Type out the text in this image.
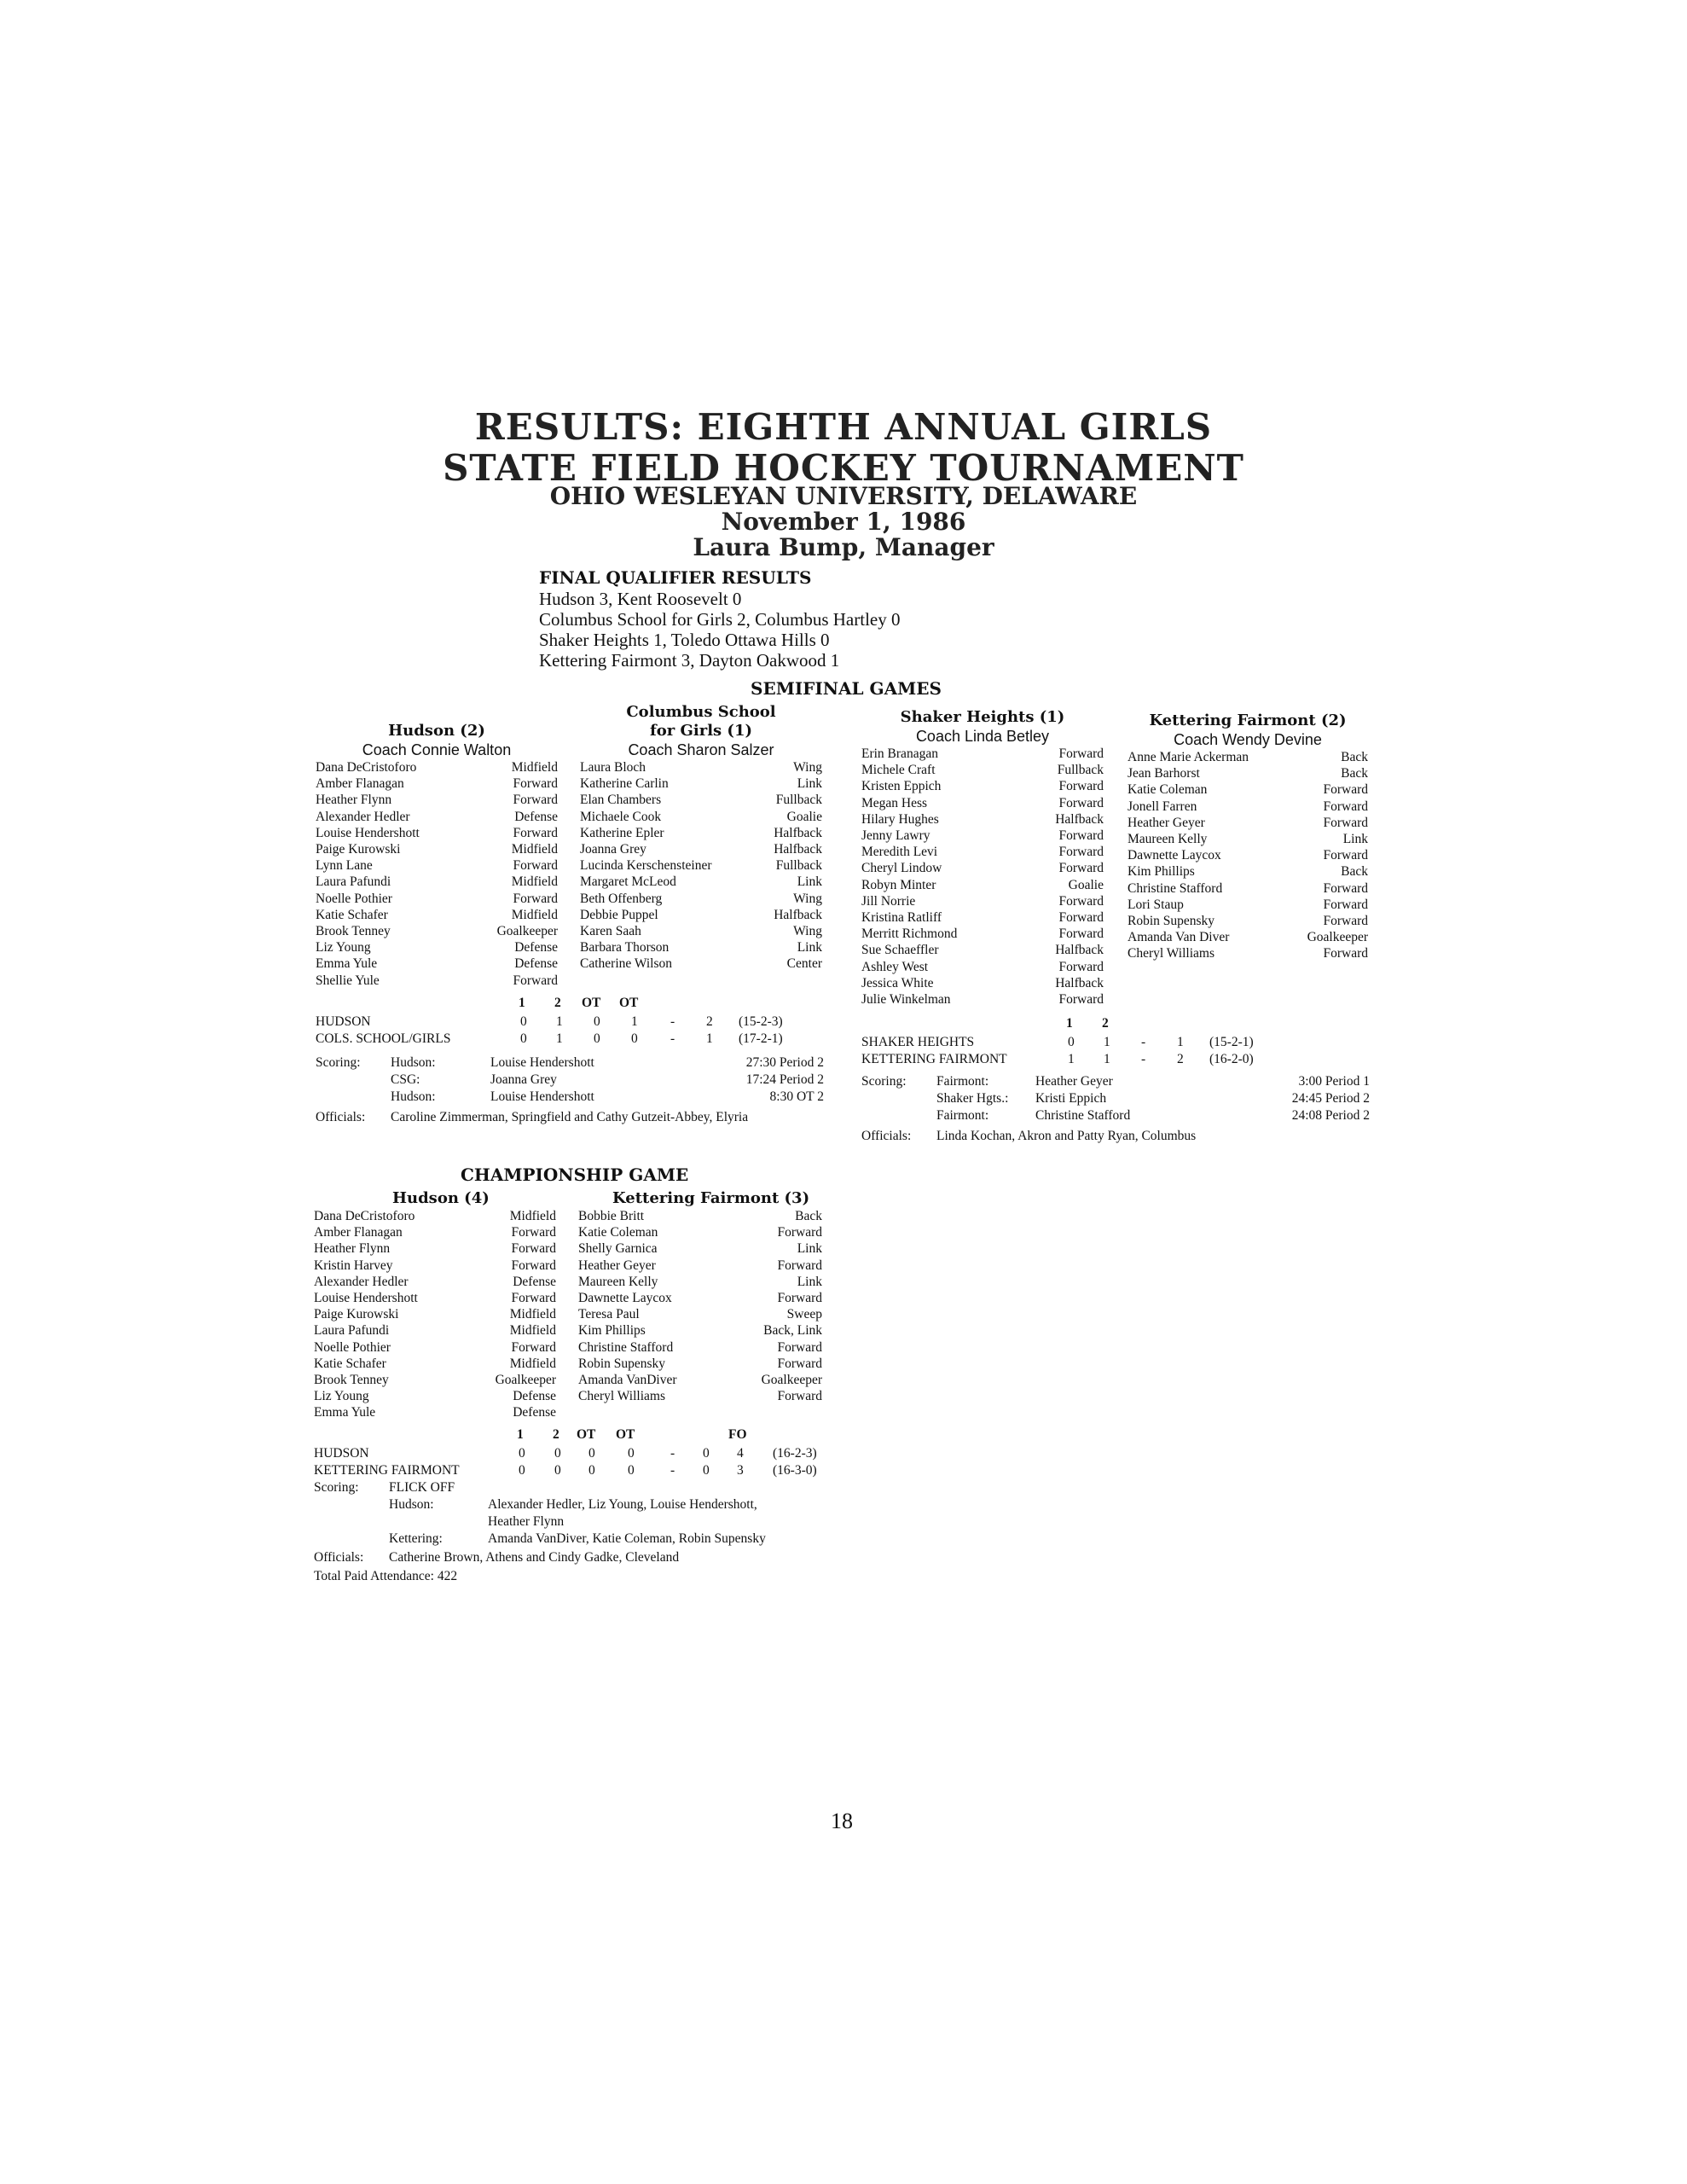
RESULTS: EIGHTH ANNUAL GIRLS
STATE FIELD HOCKEY TOURNAMENT
OHIO WESLEYAN UNIVERSITY, DELAWARE
November 1, 1986
Laura Bump, Manager
FINAL QUALIFIER RESULTS
Hudson 3, Kent Roosevelt 0
Columbus School for Girls 2, Columbus Hartley 0
Shaker Heights 1, Toledo Ottawa Hills 0
Kettering Fairmont 3, Dayton Oakwood 1
SEMIFINAL GAMES
Hudson (2)
Coach Connie Walton
Dana DeCristoforo	Midfield
Amber Flanagan	Forward
Heather Flynn	Forward
Alexander Hedler	Defense
Louise Hendershott	Forward
Paige Kurowski	Midfield
Lynn Lane	Forward
Laura Pafundi	Midfield
Noelle Pothier	Forward
Katie Schafer	Midfield
Brook Tenney	Goalkeeper
Liz Young	Defense
Emma Yule	Defense
Shellie Yule	Forward
Columbus School
for Girls (1)
Coach Sharon Salzer
Laura Bloch	Wing
Katherine Carlin	Link
Elan Chambers	Fullback
Michaele Cook	Goalie
Katherine Epler	Halfback
Joanna Grey	Halfback
Lucinda Kerschensteiner	Fullback
Margaret McLeod	Link
Beth Offenberg	Wing
Debbie Puppel	Halfback
Karen Saah	Wing
Barbara Thorson	Link
Catherine Wilson	Center
1 2 OT OT
HUDSON	0 1 0 1 - 2 (15-2-3)
COLS. SCHOOL/GIRLS	0 1 0 0 - 1 (17-2-1)
Scoring: Hudson:	Louise Hendershott	27:30 Period 2
CSG:	Joanna Grey	17:24 Period 2
Hudson:	Louise Hendershott	8:30 OT 2
Officials: Caroline Zimmerman, Springfield and Cathy Gutzeit-Abbey, Elyria
Shaker Heights (1)
Coach Linda Betley
Erin Branagan	Forward
Michele Craft	Fullback
Kristen Eppich	Forward
Megan Hess	Forward
Hilary Hughes	Halfback
Jenny Lawry	Forward
Meredith Levi	Forward
Cheryl Lindow	Forward
Robyn Minter	Goalie
Jill Norrie	Forward
Kristina Ratliff	Forward
Merritt Richmond	Forward
Sue Schaeffler	Halfback
Ashley West	Forward
Jessica White	Halfback
Julie Winkelman	Forward
Kettering Fairmont (2)
Coach Wendy Devine
Anne Marie Ackerman	Back
Jean Barhorst	Back
Katie Coleman	Forward
Jonell Farren	Forward
Heather Geyer	Forward
Maureen Kelly	Link
Dawnette Laycox	Forward
Kim Phillips	Back
Christine Stafford	Forward
Lori Staup	Forward
Robin Supensky	Forward
Amanda Van Diver	Goalkeeper
Cheryl Williams	Forward
1 2
SHAKER HEIGHTS	0 1 - 1 (15-2-1)
KETTERING FAIRMONT	1 1 - 2 (16-2-0)
Scoring: Fairmont:	Heather Geyer	3:00 Period 1
Shaker Hgts.: Kristi Eppich	24:45 Period 2
Fairmont:	Christine Stafford	24:08 Period 2
Officials: Linda Kochan, Akron and Patty Ryan, Columbus
CHAMPIONSHIP GAME
Hudson (4)
Dana DeCristoforo	Midfield
Amber Flanagan	Forward
Heather Flynn	Forward
Kristin Harvey	Forward
Alexander Hedler	Defense
Louise Hendershott	Forward
Paige Kurowski	Midfield
Laura Pafundi	Midfield
Noelle Pothier	Forward
Katie Schafer	Midfield
Brook Tenney	Goalkeeper
Liz Young	Defense
Emma Yule	Defense
Kettering Fairmont (3)
Bobbie Britt	Back
Katie Coleman	Forward
Shelly Garnica	Link
Heather Geyer	Forward
Maureen Kelly	Link
Dawnette Laycox	Forward
Teresa Paul	Sweep
Kim Phillips	Back, Link
Christine Stafford	Forward
Robin Supensky	Forward
Amanda VanDiver	Goalkeeper
Cheryl Williams	Forward
1 2 OT OT	FO
HUDSON	0 0 0 0	- 0 4 (16-2-3)
KETTERING FAIRMONT	0 0 0 0	- 0 3 (16-3-0)
Scoring: FLICK OFF
Hudson:	Alexander Hedler, Liz Young, Louise Hendershott,
Heather Flynn
Kettering:	Amanda VanDiver, Katie Coleman, Robin Supensky
Officials: Catherine Brown, Athens and Cindy Gadke, Cleveland
Total Paid Attendance: 422
18
